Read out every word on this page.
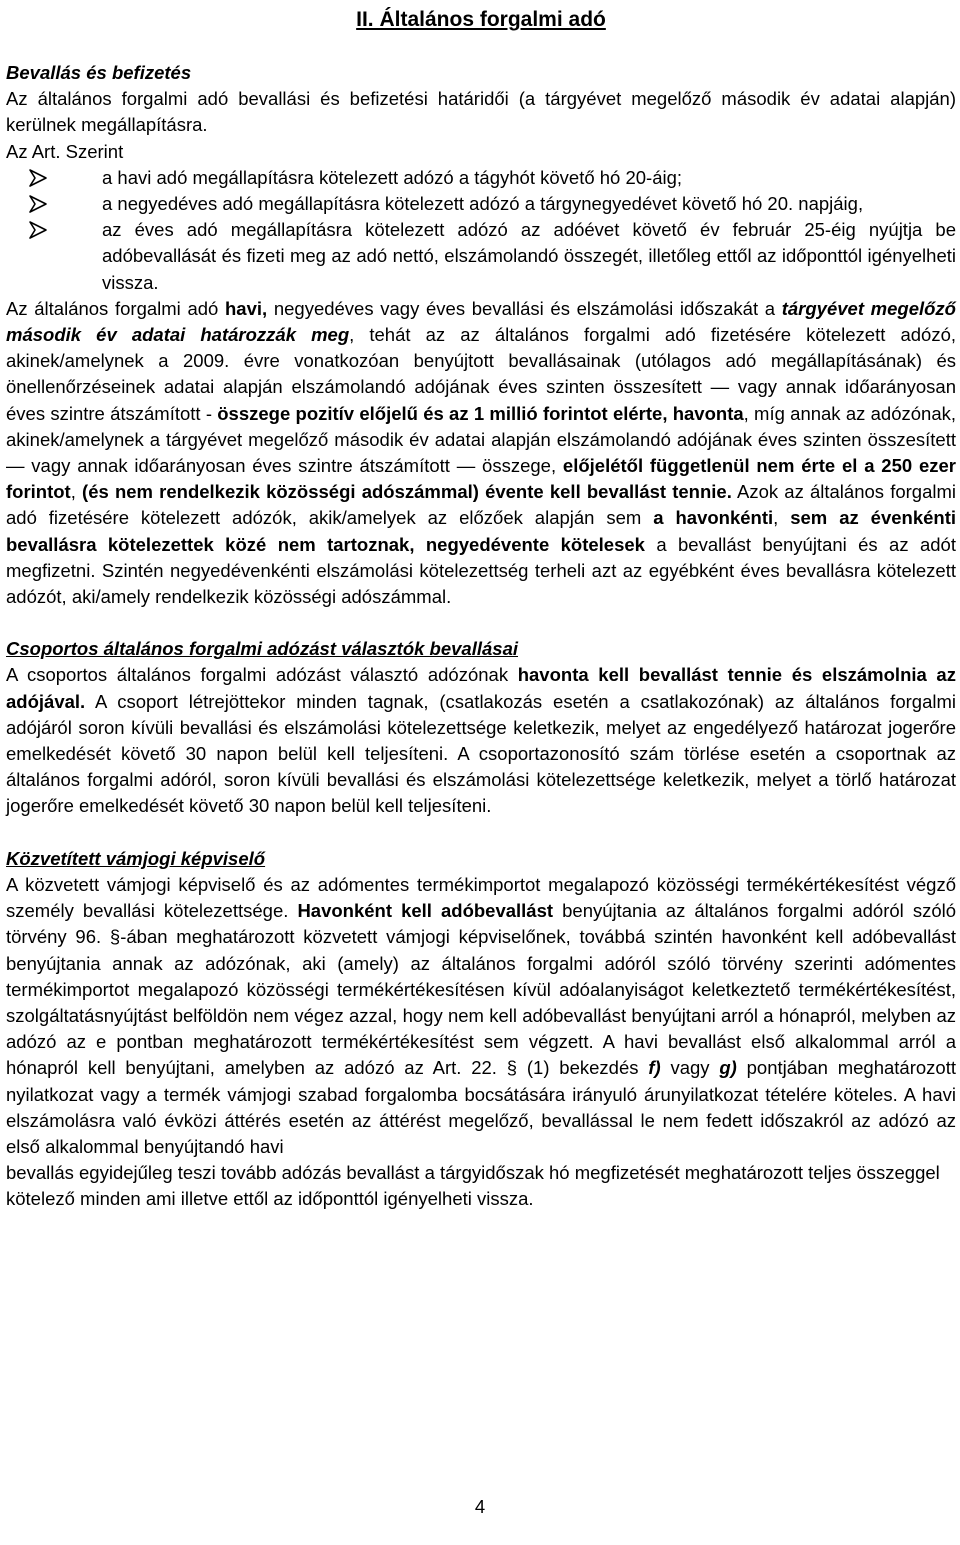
II. Általános forgalmi adó
Bevallás és befizetés

Az általános forgalmi adó bevallási és befizetési határidői (a tárgyévet megelőző második év adatai alapján) kerülnek megállapításra.

Az Art. Szerint

a havi adó megállapításra kötelezett adózó a tágyhót követő hó 20-áig;
a negyedéves adó megállapításra kötelezett adózó a tárgynegyedévet követő hó 20. napjáig,
az éves adó megállapításra kötelezett adózó az adóévet követő év február 25-éig nyújtja be adóbevallását és fizeti meg az adó nettó, elszámolandó összegét, illetőleg ettől az időponttól igényelheti vissza.

Az általános forgalmi adó havi, negyedéves vagy éves bevallási és elszámolási időszakát a tárgyévet megelőző második év adatai határozzák meg, tehát az az általános forgalmi adó fizetésére kötelezett adózó, akinek/amelynek a 2009. évre vonatkozóan benyújtott bevallásainak (utólagos adó megállapításának) és önellenőrzéseinek adatai alapján elszámolandó adójának éves szinten összesített — vagy annak időarányosan éves szintre átszámított - összege pozitív előjelű és az 1 millió forintot elérte, havonta, míg annak az adózónak, akinek/amelynek a tárgyévet megelőző második év adatai alapján elszámolandó adójának éves szinten összesített — vagy annak időarányosan éves szintre átszámított — összege, előjelétől függetlenül nem érte el a 250 ezer forintot, (és nem rendelkezik közösségi adószámmal) évente kell bevallást tennie. Azok az általános forgalmi adó fizetésére kötelezett adózók, akik/amelyek az előzőek alapján sem a havonkénti, sem az évenkénti bevallásra kötelezettek közé nem tartoznak, negyedévente kötelesek a bevallást benyújtani és az adót megfizetni. Szintén negyedévenkénti elszámolási kötelezettség terheli azt az egyébként éves bevallásra kötelezett adózót, aki/amely rendelkezik közösségi adószámmal.

Csoportos általános forgalmi adózást választók bevallásai

A csoportos általános forgalmi adózást választó adózónak havonta kell bevallást tennie és elszámolnia az adójával. A csoport létrejöttekor minden tagnak, (csatlakozás esetén a csatlakozónak) az általános forgalmi adójáról soron kívüli bevallási és elszámolási kötelezettsége keletkezik, melyet az engedélyező határozat jogerőre emelkedését követő 30 napon belül kell teljesíteni. A csoportazonosító szám törlése esetén a csoportnak az általános forgalmi adóról, soron kívüli bevallási és elszámolási kötelezettsége keletkezik, melyet a törlő határozat jogerőre emelkedését követő 30 napon belül kell teljesíteni.

Közvetített vámjogi képviselő

A közvetett vámjogi képviselő és az adómentes termékimportot megalapozó közösségi termékértékesítést végző személy bevallási kötelezettsége. Havonként kell adóbevallást benyújtania az általános forgalmi adóról szóló törvény 96. §-ában meghatározott közvetett vámjogi képviselőnek, továbbá szintén havonként kell adóbevallást benyújtania annak az adózónak, aki (amely) az általános forgalmi adóról szóló törvény szerinti adómentes termékimportot megalapozó közösségi termékértékesítésen kívül adóalanyiságot keletkeztető termékértékesítést, szolgáltatásnyújtást belföldön nem végez azzal, hogy nem kell adóbevallást benyújtani arról a hónapról, melyben az adózó az e pontban meghatározott termékértékesítést sem végzett. A havi bevallást első alkalommal arról a hónapról kell benyújtani, amelyben az adózó az Art. 22. § (1) bekezdés f) vagy g) pontjában meghatározott nyilatkozat vagy a termék vámjogi szabad forgalomba bocsátására irányuló árunyilatkozat tételére köteles. A havi elszámolásra való évközi áttérés esetén az áttérést megelőző, bevallással le nem fedett időszakról az adózó az első alkalommal benyújtandó havi

bevallás egyidejűleg teszi tovább adózás bevallást a tárgyidőszak hó megfizetését meghatározott teljes összeggel kötelező minden ami illetve ettől az időponttól igényelheti vissza.

4
